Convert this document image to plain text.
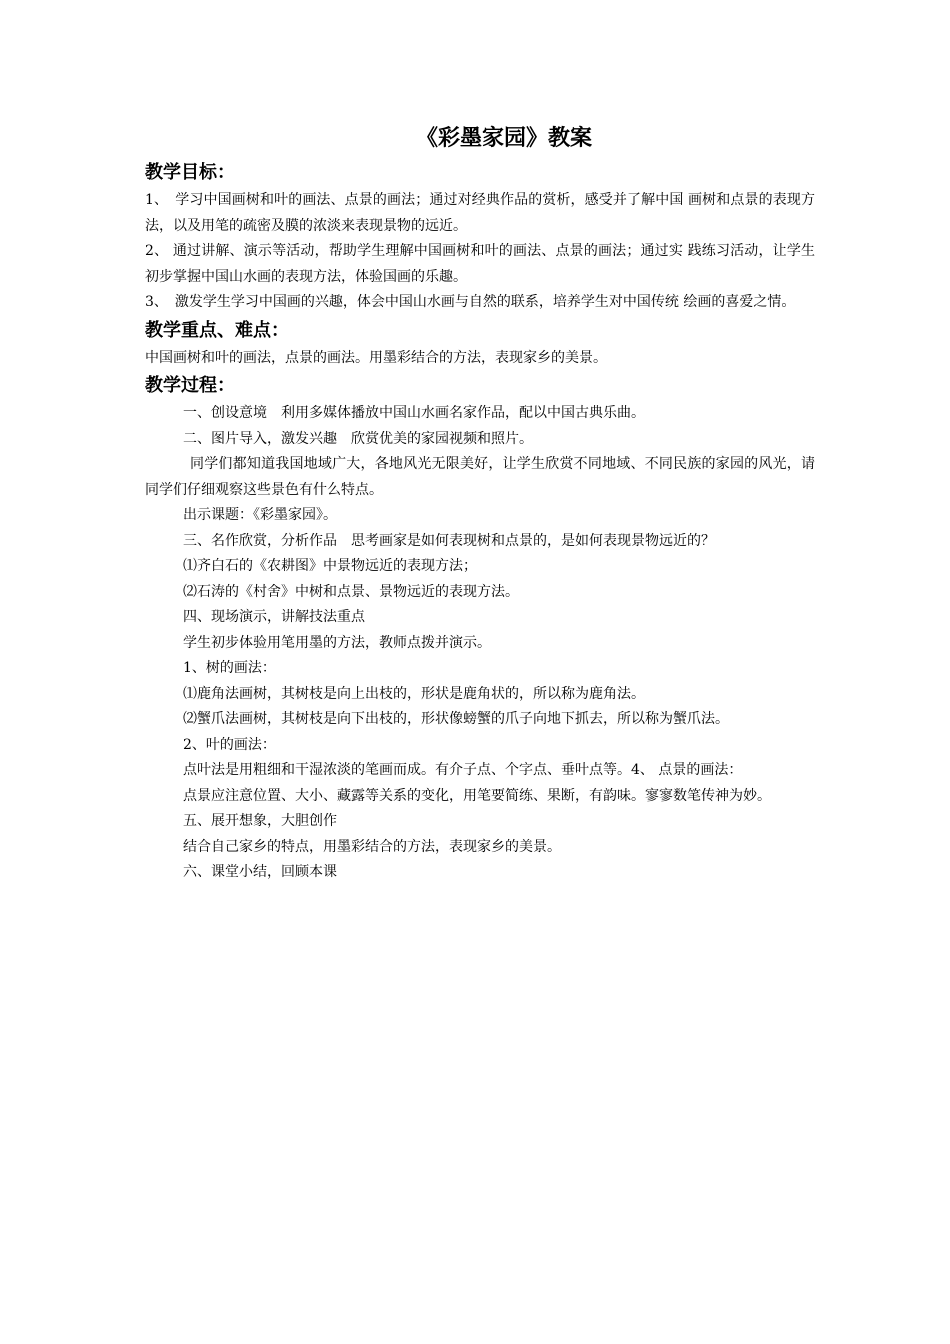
《彩墨家园》教案
教学目标：

1、　学习中国画树和叶的画法、点景的画法；通过对经典作品的赏析，感受并了解中国 画树和点景的表现方法，以及用笔的疏密及膜的浓淡来表现景物的远近。

2、 通过讲解、演示等活动，帮助学生理解中国画树和叶的画法、点景的画法；通过实 践练习活动，让学生初步掌握中国山水画的表现方法，体验国画的乐趣。

3、　激发学生学习中国画的兴趣，体会中国山水画与自然的联系，培养学生对中国传统 绘画的喜爱之情。

教学重点、难点：

中国画树和叶的画法，点景的画法。用墨彩结合的方法，表现家乡的美景。

教学过程：

一、创设意境　利用多媒体播放中国山水画名家作品，配以中国古典乐曲。

二、图片导入，激发兴趣　欣赏优美的家园视频和照片。

同学们都知道我国地域广大，各地风光无限美好，让学生欣赏不同地域、不同民族的家园的风光，请同学们仔细观察这些景色有什么特点。

出示课题：《彩墨家园》。

三、名作欣赏，分析作品　思考画家是如何表现树和点景的，是如何表现景物远近的？

⑴齐白石的《农耕图》中景物远近的表现方法；

⑵石涛的《村舍》中树和点景、景物远近的表现方法。

四、现场演示，讲解技法重点

学生初步体验用笔用墨的方法，教师点拨并演示。

1、树的画法：

⑴鹿角法画树，其树枝是向上出枝的，形状是鹿角状的，所以称为鹿角法。

⑵蟹爪法画树，其树枝是向下出枝的，形状像螃蟹的爪子向地下抓去，所以称为蟹爪法。

2、叶的画法：

点叶法是用粗细和干湿浓淡的笔画而成。有介子点、个字点、垂叶点等。4、 点景的画法：

点景应注意位置、大小、藏露等关系的变化，用笔要简练、果断，有韵味。寥寥数笔传神为妙。

五、展开想象，大胆创作

结合自己家乡的特点，用墨彩结合的方法，表现家乡的美景。

六、课堂小结，回顾本课
